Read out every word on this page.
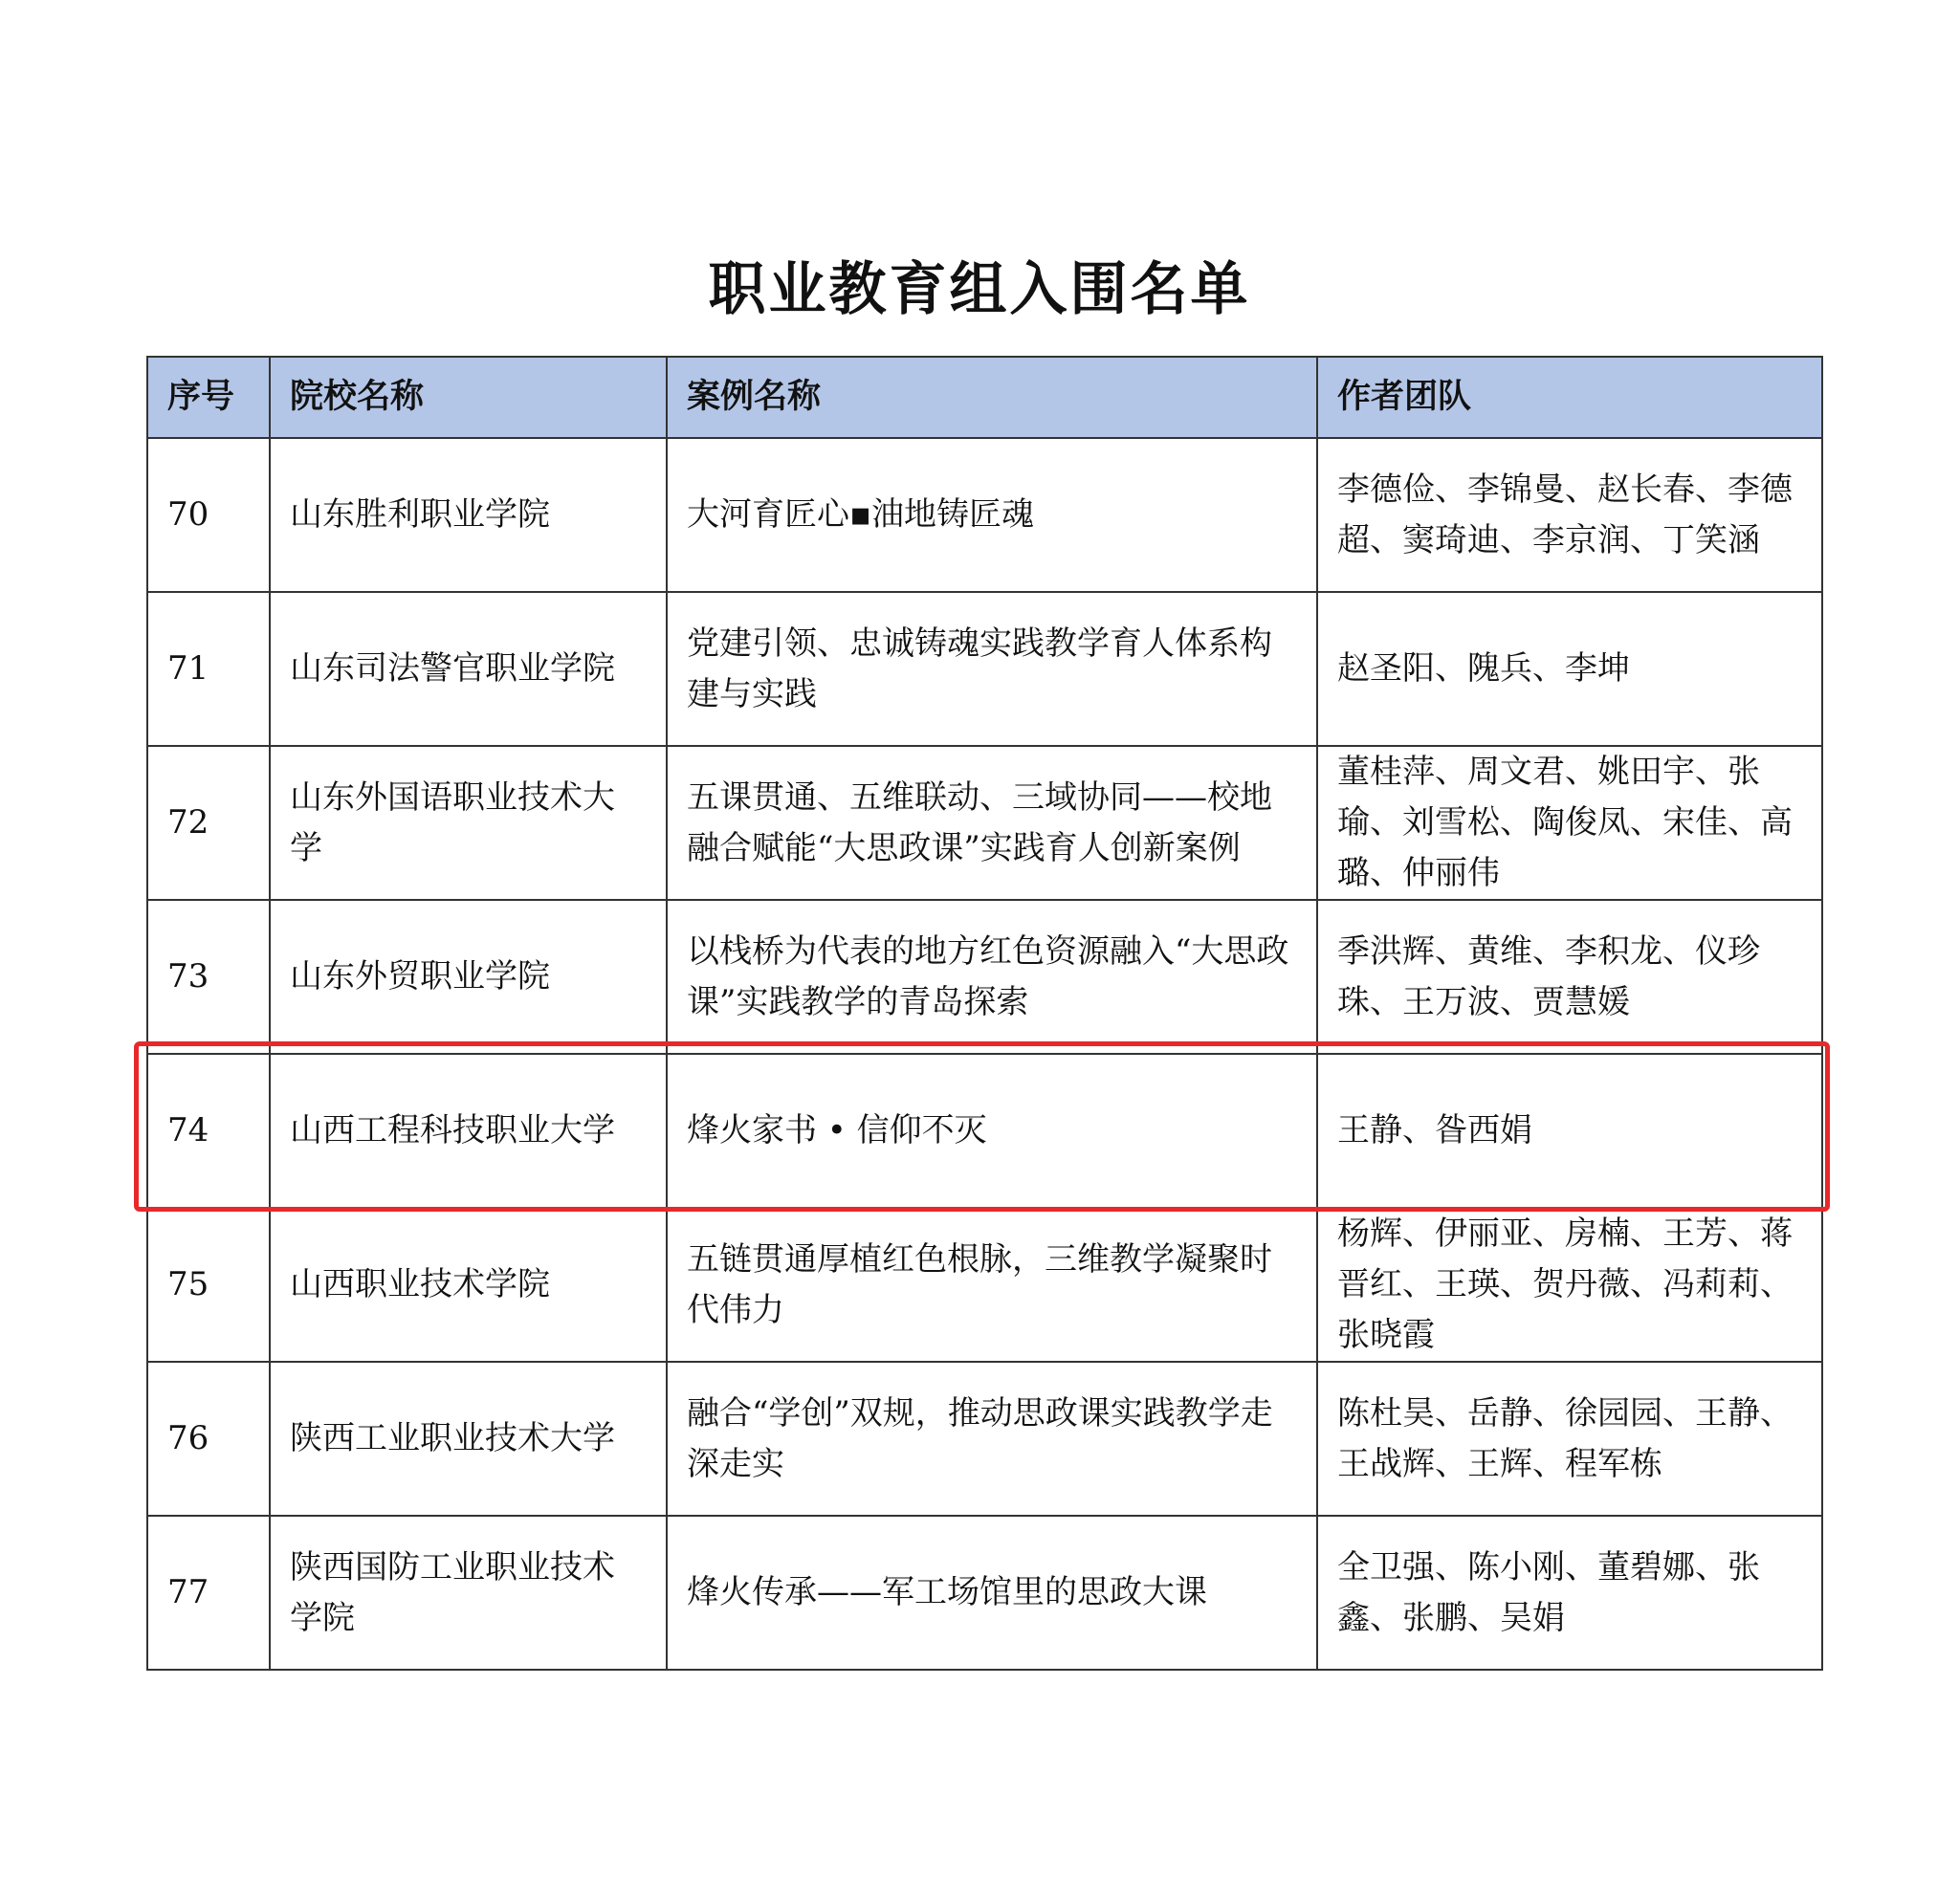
职业教育组入围名单
序号	院校名称	案例名称	作者团队
70	山东胜利职业学院	大河育匠心▪油地铸匠魂	李德俭、李锦曼、赵长春、李德超、窦琦迪、李京润、丁笑涵
71	山东司法警官职业学院	党建引领、忠诚铸魂实践教学育人体系构建与实践	赵圣阳、隗兵、李坤
72	山东外国语职业技术大学	五课贯通、五维联动、三域协同——校地融合赋能“大思政课”实践育人创新案例	董桂萍、周文君、姚田宇、张瑜、刘雪松、陶俊凤、宋佳、高璐、仲丽伟
73	山东外贸职业学院	以栈桥为代表的地方红色资源融入“大思政课”实践教学的青岛探索	季洪辉、黄维、李积龙、仪珍珠、王万波、贾慧媛
74	山西工程科技职业大学	烽火家书 • 信仰不灭	王静、昝西娟
75	山西职业技术学院	五链贯通厚植红色根脉，三维教学凝聚时代伟力	杨辉、伊丽亚、房楠、王芳、蒋晋红、王瑛、贺丹薇、冯莉莉、张晓霞
76	陕西工业职业技术大学	融合“学创”双规，推动思政课实践教学走深走实	陈杜昊、岳静、徐园园、王静、王战辉、王辉、程军栋
77	陕西国防工业职业技术学院	烽火传承——军工场馆里的思政大课	全卫强、陈小刚、董碧娜、张鑫、张鹏、吴娟
